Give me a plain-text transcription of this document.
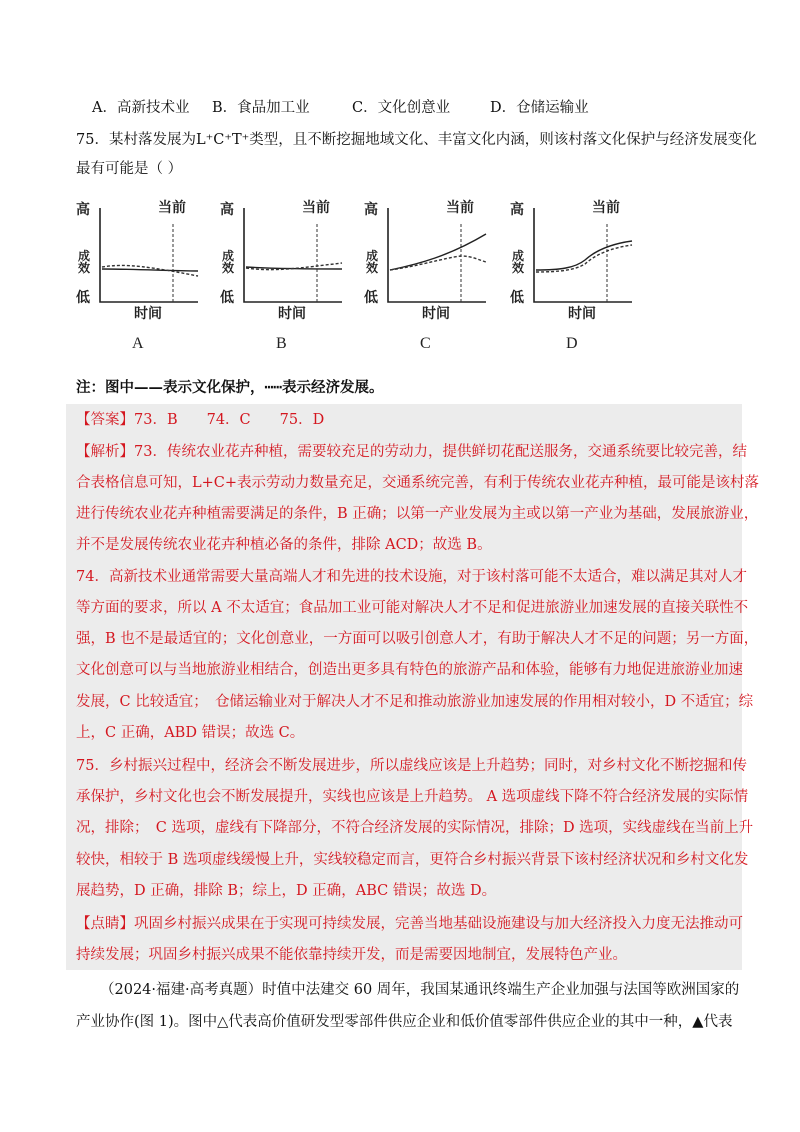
A．高新技术业 B．食品加工业	C．文化创意业	D．仓储运输业
75．某村落发展为L⁺C⁺T⁺类型，且不断挖掘地域文化、丰富文化内涵，则该村落文化保护与经济发展变化
最有可能是（ ）
高
成效
低
当前
时间
A
高
成效
低
当前
时间
B
高
成效
低
当前
时间
C
高
成效
低
当前
时间
D
注：图中——表示文化保护，┅┅表示经济发展。
【答案】73．B　　74．C　　75．D
【解析】73．传统农业花卉种植，需要较充足的劳动力，提供鲜切花配送服务，交通系统要比较完善，结
合表格信息可知，L+C+表示劳动力数量充足，交通系统完善，有利于传统农业花卉种植，最可能是该村落
进行传统农业花卉种植需要满足的条件，B 正确；以第一产业发展为主或以第一产业为基础，发展旅游业，
并不是发展传统农业花卉种植必备的条件，排除 ACD；故选 B。
74．高新技术业通常需要大量高端人才和先进的技术设施，对于该村落可能不太适合，难以满足其对人才
等方面的要求，所以 A 不太适宜；食品加工业可能对解决人才不足和促进旅游业加速发展的直接关联性不
强，B 也不是最适宜的；文化创意业，一方面可以吸引创意人才，有助于解决人才不足的问题；另一方面，
文化创意可以与当地旅游业相结合，创造出更多具有特色的旅游产品和体验，能够有力地促进旅游业加速
发展，C 比较适宜；　仓储运输业对于解决人才不足和推动旅游业加速发展的作用相对较小，D 不适宜；综
上，C 正确，ABD 错误；故选 C。
75．乡村振兴过程中，经济会不断发展进步，所以虚线应该是上升趋势；同时，对乡村文化不断挖掘和传
承保护，乡村文化也会不断发展提升，实线也应该是上升趋势。 A 选项虚线下降不符合经济发展的实际情
况，排除；　C 选项，虚线有下降部分，不符合经济发展的实际情况，排除；D 选项，实线虚线在当前上升
较快，相较于 B 选项虚线缓慢上升，实线较稳定而言，更符合乡村振兴背景下该村经济状况和乡村文化发
展趋势，D 正确，排除 B；综上，D 正确，ABC 错误；故选 D。
【点睛】巩固乡村振兴成果在于实现可持续发展，完善当地基础设施建设与加大经济投入力度无法推动可
持续发展；巩固乡村振兴成果不能依靠持续开发，而是需要因地制宜，发展特色产业。
（2024·福建·高考真题）时值中法建交 60 周年，我国某通讯终端生产企业加强与法国等欧洲国家的
产业协作(图 1)。图中△代表高价值研发型零部件供应企业和低价值零部件供应企业的其中一种，▲代表
